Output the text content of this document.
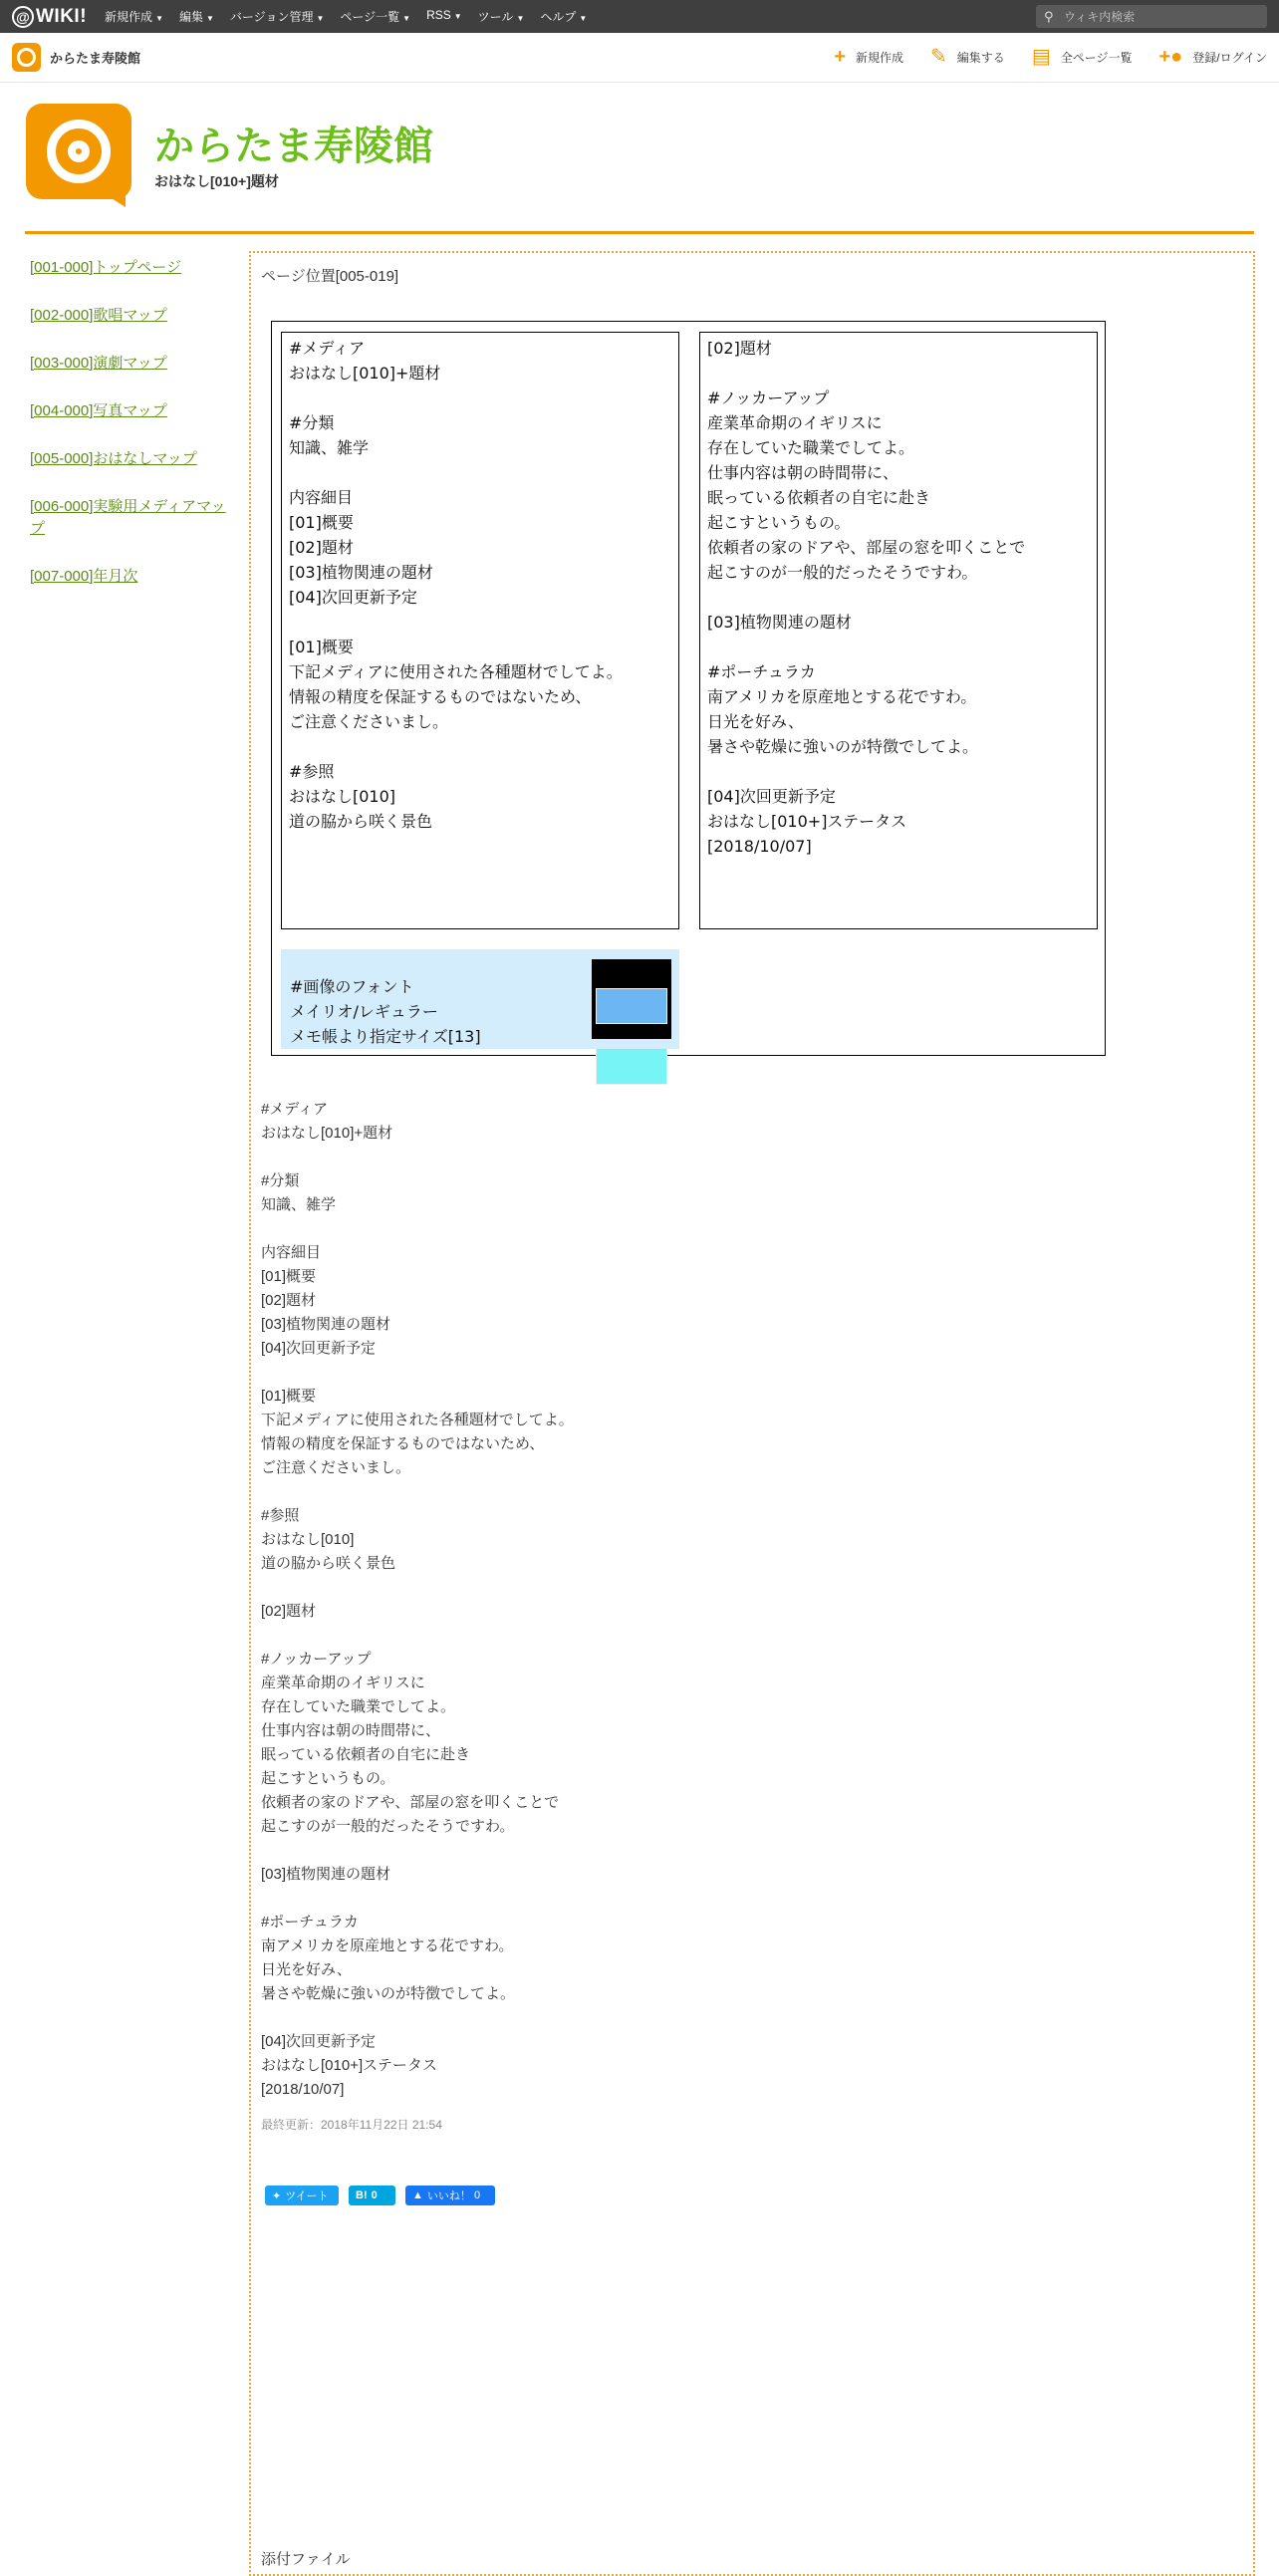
@ WIKI! 新規作成 ▼ 編集 ▼ バージョン管理 ▼ ページ一覧 ▼ RSS ▼ ツール ▼ ヘルプ ▼	⚲
ウィキ内検索
からたま寿陵館	+ 新規作成 ✎ 編集する ▤ 全ページ一覧 +● 登録/ログイン
からたま寿陵館
おはなし[010+]題材
[001-000]トップページ
[002-000]歌唱マップ
[003-000]演劇マップ
[004-000]写真マップ
[005-000]おはなしマップ
[006-000]実験用メディアマップ
[007-000]年月次
ページ位置[005-019]
#メディア
おはなし[010]+題材

#分類
知識、雑学

内容細目
[01]概要
[02]題材
[03]植物関連の題材
[04]次回更新予定

[01]概要
下記メディアに使用された各種題材でしてよ。
情報の精度を保証するものではないため、
ご注意くださいまし。

#参照
おはなし[010]
道の脇から咲く景色
[02]題材

#ノッカーアップ
産業革命期のイギリスに
存在していた職業でしてよ。
仕事内容は朝の時間帯に、
眠っている依頼者の自宅に赴き
起こすというもの。
依頼者の家のドアや、部屋の窓を叩くことで
起こすのが一般的だったそうですわ。

[03]植物関連の題材

#ポーチュラカ
南アメリカを原産地とする花ですわ。
日光を好み、
暑さや乾燥に強いのが特徴でしてよ。

[04]次回更新予定
おはなし[010+]ステータス
[2018/10/07]

#画像のフォント
メイリオ/レギュラー
メモ帳より指定サイズ[13]

#メディア
おはなし[010]+題材

#分類
知識、雑学

内容細目
[01]概要
[02]題材
[03]植物関連の題材
[04]次回更新予定

[01]概要
下記メディアに使用された各種題材でしてよ。
情報の精度を保証するものではないため、
ご注意くださいまし。

#参照
おはなし[010]
道の脇から咲く景色

[02]題材

#ノッカーアップ
産業革命期のイギリスに
存在していた職業でしてよ。
仕事内容は朝の時間帯に、
眠っている依頼者の自宅に赴き
起こすというもの。
依頼者の家のドアや、部屋の窓を叩くことで
起こすのが一般的だったそうですわ。

[03]植物関連の題材

#ポーチュラカ
南アメリカを原産地とする花ですわ。
日光を好み、
暑さや乾燥に強いのが特徴でしてよ。

[04]次回更新予定
おはなし[010+]ステータス
[2018/10/07]
最終更新：2018年11月22日 21:54
✦ ツイート B! 0	▲ いいね！
0
添付ファイル
